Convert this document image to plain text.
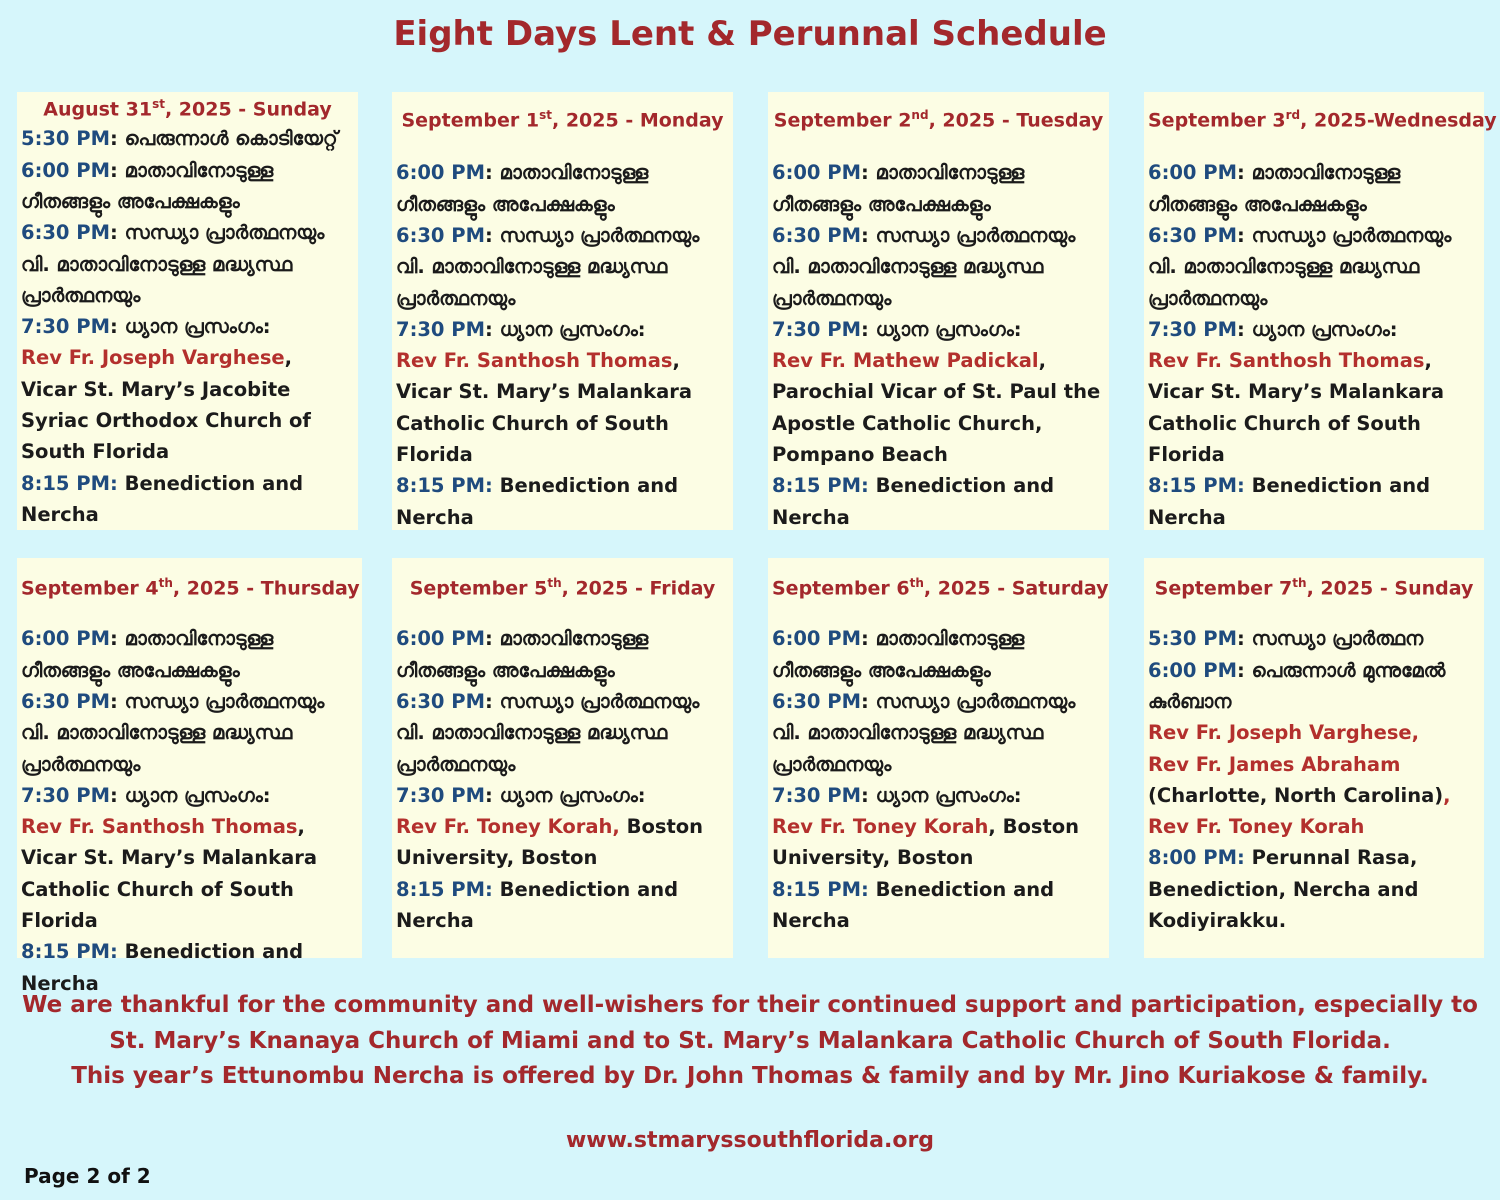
Eight Days Lent & Perunnal Schedule
August 31st, 2025 - Sunday

5:30 PM: പെരുന്നാൾ കൊടിയേറ്റ്

6:00 PM: മാതാവിനോടുള്ള ഗീതങ്ങളും അപേക്ഷകളും

6:30 PM: സന്ധ്യാ പ്രാർത്ഥനയും വി. മാതാവിനോടുള്ള മദ്ധ്യസ്ഥ പ്രാർത്ഥനയും

7:30 PM: ധ്യാന പ്രസംഗം:

Rev Fr. Joseph Varghese, Vicar St. Mary’s Jacobite Syriac Orthodox Church of South Florida

8:15 PM: Benediction and Nercha

September 1st, 2025 - Monday

6:00 PM: മാതാവിനോടുള്ള ഗീതങ്ങളും അപേക്ഷകളും

6:30 PM: സന്ധ്യാ പ്രാർത്ഥനയും വി. മാതാവിനോടുള്ള മദ്ധ്യസ്ഥ പ്രാർത്ഥനയും

7:30 PM: ധ്യാന പ്രസംഗം:

Rev Fr. Santhosh Thomas, Vicar St. Mary’s Malankara Catholic Church of South Florida

8:15 PM: Benediction and Nercha

September 2nd, 2025 - Tuesday

6:00 PM: മാതാവിനോടുള്ള ഗീതങ്ങളും അപേക്ഷകളും

6:30 PM: സന്ധ്യാ പ്രാർത്ഥനയും വി. മാതാവിനോടുള്ള മദ്ധ്യസ്ഥ പ്രാർത്ഥനയും

7:30 PM: ധ്യാന പ്രസംഗം:

Rev Fr. Mathew Padickal, Parochial Vicar of St. Paul the Apostle Catholic Church, Pompano Beach

8:15 PM: Benediction and Nercha

September 3rd, 2025-Wednesday

6:00 PM: മാതാവിനോടുള്ള ഗീതങ്ങളും അപേക്ഷകളും

6:30 PM: സന്ധ്യാ പ്രാർത്ഥനയും വി. മാതാവിനോടുള്ള മദ്ധ്യസ്ഥ പ്രാർത്ഥനയും

7:30 PM: ധ്യാന പ്രസംഗം:

Rev Fr. Santhosh Thomas, Vicar St. Mary’s Malankara Catholic Church of South Florida

8:15 PM: Benediction and Nercha

September 4th, 2025 - Thursday

6:00 PM: മാതാവിനോടുള്ള ഗീതങ്ങളും അപേക്ഷകളും

6:30 PM: സന്ധ്യാ പ്രാർത്ഥനയും വി. മാതാവിനോടുള്ള മദ്ധ്യസ്ഥ പ്രാർത്ഥനയും

7:30 PM: ധ്യാന പ്രസംഗം:

Rev Fr. Santhosh Thomas, Vicar St. Mary’s Malankara Catholic Church of South Florida

8:15 PM: Benediction and Nercha

September 5th, 2025 - Friday

6:00 PM: മാതാവിനോടുള്ള ഗീതങ്ങളും അപേക്ഷകളും

6:30 PM: സന്ധ്യാ പ്രാർത്ഥനയും വി. മാതാവിനോടുള്ള മദ്ധ്യസ്ഥ പ്രാർത്ഥനയും

7:30 PM: ധ്യാന പ്രസംഗം:

Rev Fr. Toney Korah, Boston University, Boston

8:15 PM: Benediction and Nercha

September 6th, 2025 - Saturday

6:00 PM: മാതാവിനോടുള്ള ഗീതങ്ങളും അപേക്ഷകളും

6:30 PM: സന്ധ്യാ പ്രാർത്ഥനയും വി. മാതാവിനോടുള്ള മദ്ധ്യസ്ഥ പ്രാർത്ഥനയും

7:30 PM: ധ്യാന പ്രസംഗം:

Rev Fr. Toney Korah, Boston University, Boston

8:15 PM: Benediction and Nercha

September 7th, 2025 - Sunday

5:30 PM: സന്ധ്യാ പ്രാർത്ഥന

6:00 PM: പെരുന്നാൾ മുന്നുമേൽ കുർബാന

Rev Fr. Joseph Varghese,

Rev Fr. James Abraham

(Charlotte, North Carolina),

Rev Fr. Toney Korah

8:00 PM: Perunnal Rasa, Benediction, Nercha and Kodiyirakku.

We are thankful for the community and well-wishers for their continued support and participation, especially to

St. Mary’s Knanaya Church of Miami and to St. Mary’s Malankara Catholic Church of South Florida.

This year’s Ettunombu Nercha is offered by Dr. John Thomas & family and by Mr. Jino Kuriakose & family.

www.stmaryssouthflorida.org
Page 2 of 2
